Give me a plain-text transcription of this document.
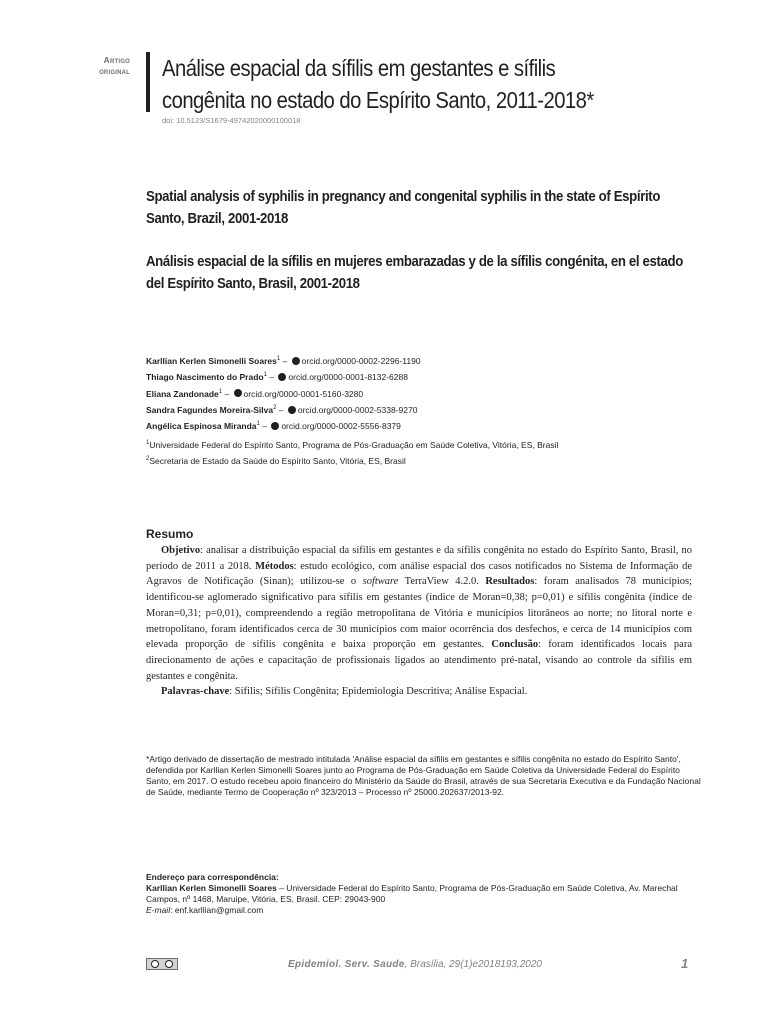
Artigo
original Análise espacial da sífilis em gestantes e sífilis congênita no estado do Espírito Santo, 2011-2018*
doi: 10.5123/S1679-49742020000100018
Spatial analysis of syphilis in pregnancy and congenital syphilis in the state of Espírito Santo, Brazil, 2001-2018
Análisis espacial de la sífilis en mujeres embarazadas y de la sífilis congénita, en el estado del Espírito Santo, Brasil, 2001-2018
Karllian Kerlen Simonelli Soares$^1$ – orcid.org/0000-0002-2296-1190
Thiago Nascimento do Prado$^1$ – orcid.org/0000-0001-8132-6288
Eliana Zandonade$^1$ – orcid.org/0000-0001-5160-3280
Sandra Fagundes Moreira-Silva$^2$ – orcid.org/0000-0002-5338-9270
Angélica Espinosa Miranda$^1$ – orcid.org/0000-0002-5556-8379
$^1$Universidade Federal do Espírito Santo, Programa de Pós-Graduação em Saúde Coletiva, Vitória, ES, Brasil
$^2$Secretaria de Estado da Saúde do Espírito Santo, Vitória, ES, Brasil
Resumo

Objetivo: analisar a distribuição espacial da sífilis em gestantes e da sífilis congênita no estado do Espírito Santo, Brasil, no período de 2011 a 2018. Métodos: estudo ecológico, com análise espacial dos casos notificados no Sistema de Informação de Agravos de Notificação (Sinan); utilizou-se o software TerraView 4.2.0. Resultados: foram analisados 78 municípios; identificou-se aglomerado significativo para sífilis em gestantes (índice de Moran=0,38; p=0,01) e sífilis congênita (índice de Moran=0,31; p=0,01), compreendendo a região metropolitana de Vitória e municípios litorâneos ao norte; no litoral norte e metropolitano, foram identificados cerca de 30 municípios com maior ocorrência dos desfechos, e cerca de 14 municípios com elevada proporção de sífilis congênita e baixa proporção em gestantes. Conclusão: foram identificados locais para direcionamento de ações e capacitação de profissionais ligados ao atendimento pré-natal, visando ao controle da sífilis em gestantes e congênita.

Palavras-chave: Sífilis; Sífilis Congênita; Epidemiologia Descritiva; Análise Espacial.

*Artigo derivado de dissertação de mestrado intitulada 'Análise espacial da sífilis em gestantes e sífilis congênita no estado do Espírito Santo', defendida por Karllian Kerlen Simonelli Soares junto ao Programa de Pós-Graduação em Saúde Coletiva da Universidade Federal do Espírito Santo, em 2017. O estudo recebeu apoio financeiro do Ministério da Saúde do Brasil, através de sua Secretaria Executiva e da Fundação Nacional de Saúde, mediante Termo de Cooperação nº 323/2013 – Processo nº 25000.202637/2013-92.
Endereço para correspondência:
Karllian Kerlen Simonelli Soares – Universidade Federal do Espírito Santo, Programa de Pós-Graduação em Saúde Coletiva, Av. Marechal Campos, nº 1468, Maruipe, Vitória, ES, Brasil. CEP: 29043-900
E-mail: enf.karllian@gmail.com
Epidemiol. Serv. Saude, Brasília, 29(1)e2018193,2020	1
